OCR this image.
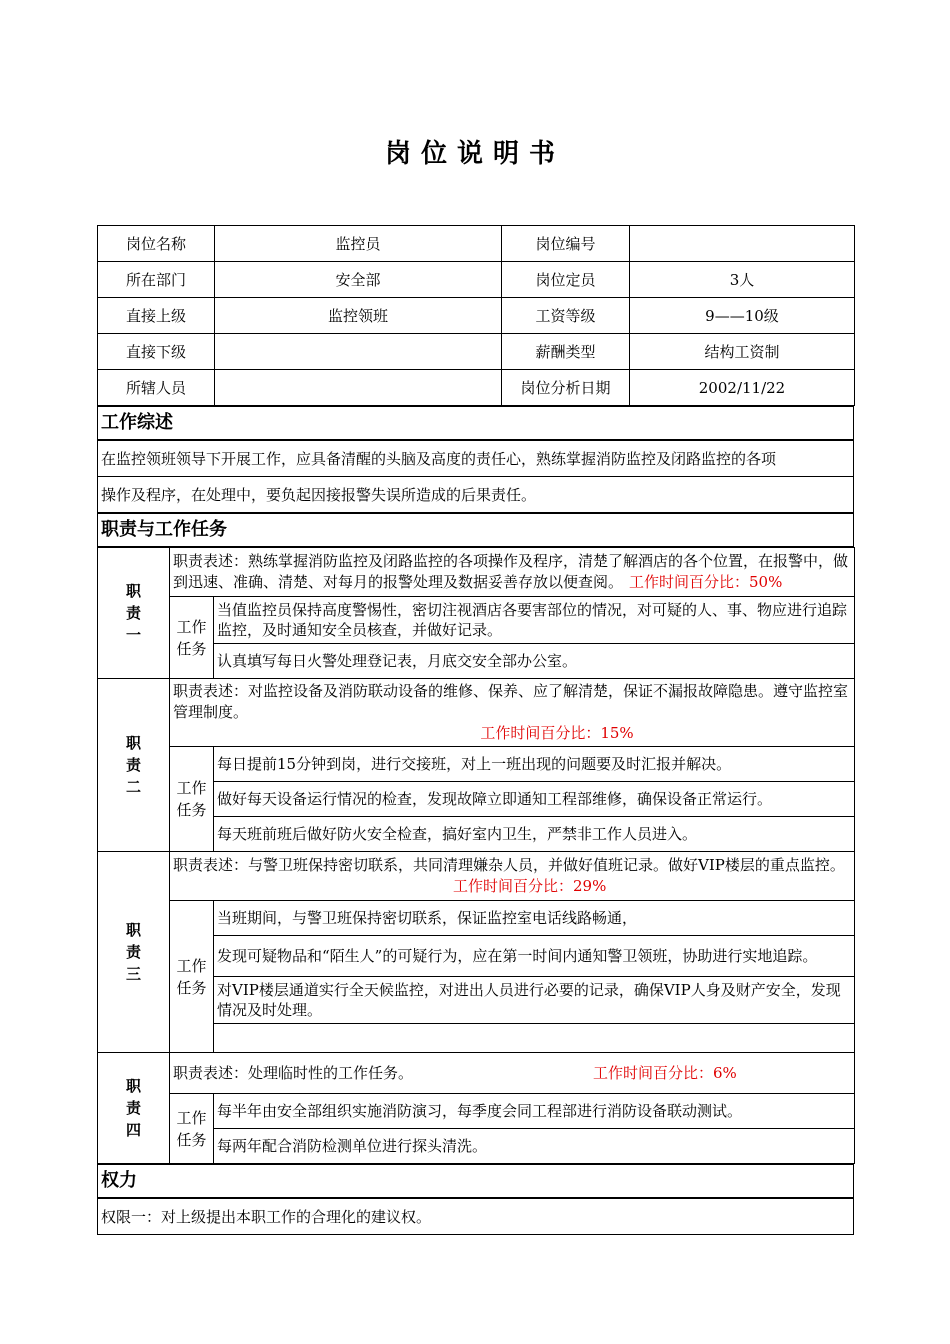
岗位说明书
岗位名称	监控员	岗位编号	
所在部门	安全部	岗位定员	3人
直接上级	监控领班	工资等级	9——10级
直接下级		薪酬类型	结构工资制
所辖人员		岗位分析日期	2002/11/22
工作综述
在监控领班领导下开展工作，应具备清醒的头脑及高度的责任心，熟练掌握消防监控及闭路监控的各项
操作及程序，在处理中，要负起因接报警失误所造成的后果责任。
职责与工作任务
职责一	职责表述：熟练掌握消防监控及闭路监控的各项操作及程序，清楚了解酒店的各个位置，在报警中，做到迅速、准确、清楚、对每月的报警处理及数据妥善存放以便查阅。 工作时间百分比：50%	

	工作任务	当值监控员保持高度警惕性，密切注视酒店各要害部位的情况，对可疑的人、事、物应进行追踪监控，及时通知安全员核查，并做好记录。
		认真填写每日火警处理登记表，月底交安全部办公室。

职责二	职责表述：对监控设备及消防联动设备的维修、保养、应了解清楚，保证不漏报故障隐患。遵守监控室管理制度。
工作时间百分比：15%	

	工作任务	每日提前15分钟到岗，进行交接班，对上一班出现的问题要及时汇报并解决。
		做好每天设备运行情况的检查，发现故障立即通知工程部维修，确保设备正常运行。
		每天班前班后做好防火安全检查，搞好室内卫生，严禁非工作人员进入。

职责三	职责表述：与警卫班保持密切联系，共同清理嫌杂人员，并做好值班记录。做好VIP楼层的重点监控。工作时间百分比：29%	

	工作任务	当班期间，与警卫班保持密切联系，保证监控室电话线路畅通，
		发现可疑物品和“陌生人”的可疑行为，应在第一时间内通知警卫领班，协助进行实地追踪。
		对VIP楼层通道实行全天候监控，对进出人员进行必要的记录，确保VIP人身及财产安全，发现情况及时处理。

职责四	职责表述：处理临时性的工作任务。 工作时间百分比：6%	

	工作任务	每半年由安全部组织实施消防演习，每季度会同工程部进行消防设备联动测试。
		每两年配合消防检测单位进行探头清洗。
权力
权限一：对上级提出本职工作的合理化的建议权。
